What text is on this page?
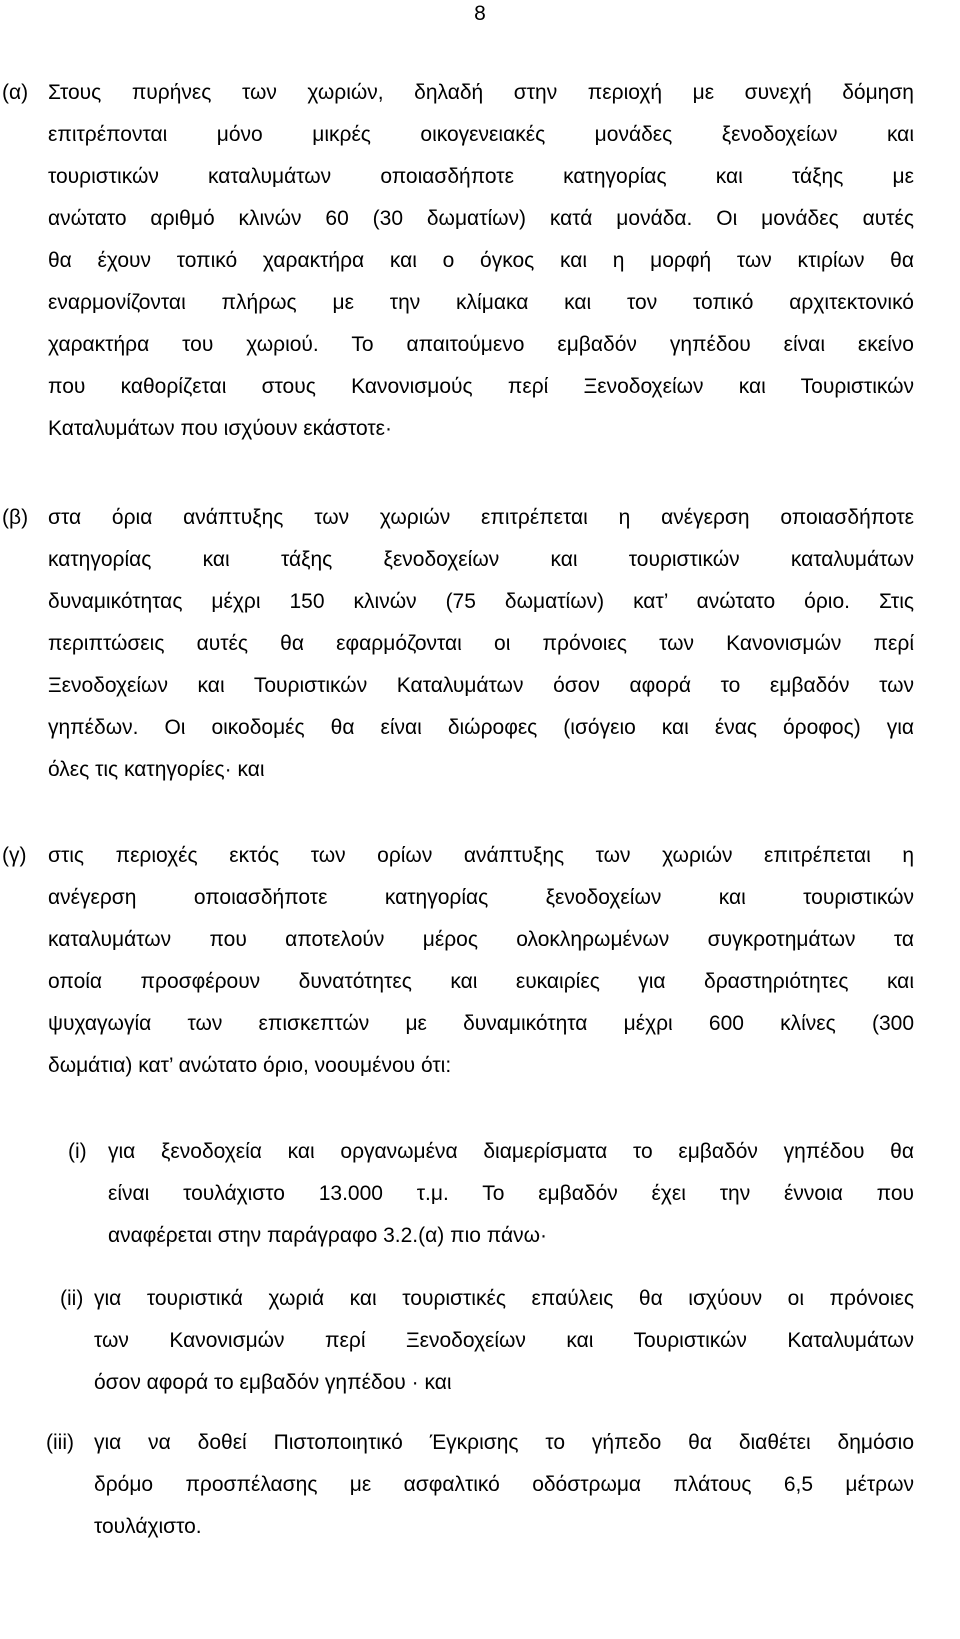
8
(α) Στους πυρήνες των χωριών, δηλαδή στην περιοχή με συνεχή δόμηση
επιτρέπονται μόνο μικρές οικογενειακές μονάδες ξενοδοχείων και
τουριστικών καταλυμάτων οποιασδήποτε κατηγορίας και τάξης με
ανώτατο αριθμό κλινών 60 (30 δωματίων) κατά μονάδα. Οι μονάδες αυτές
θα έχουν τοπικό χαρακτήρα και ο όγκος και η μορφή των κτιρίων θα
εναρμονίζονται πλήρως με την κλίμακα και τον τοπικό αρχιτεκτονικό
χαρακτήρα του χωριού. Το απαιτούμενο εμβαδόν γηπέδου είναι εκείνο
που καθορίζεται στους Κανονισμούς περί Ξενοδοχείων και Τουριστικών
Καταλυμάτων που ισχύουν εκάστοτε·
(β) στα όρια ανάπτυξης των χωριών επιτρέπεται η ανέγερση οποιασδήποτε
κατηγορίας και τάξης ξενοδοχείων και τουριστικών καταλυμάτων
δυναμικότητας μέχρι 150 κλινών (75 δωματίων) κατ’ ανώτατο όριο. Στις
περιπτώσεις αυτές θα εφαρμόζονται οι πρόνοιες των Κανονισμών περί
Ξενοδοχείων και Τουριστικών Καταλυμάτων όσον αφορά το εμβαδόν των
γηπέδων. Οι οικοδομές θα είναι διώροφες (ισόγειο και ένας όροφος) για
όλες τις κατηγορίες· και
(γ) στις περιοχές εκτός των ορίων ανάπτυξης των χωριών επιτρέπεται η
ανέγερση οποιασδήποτε κατηγορίας ξενοδοχείων και τουριστικών
καταλυμάτων που αποτελούν μέρος ολοκληρωμένων συγκροτημάτων τα
οποία προσφέρουν δυνατότητες και ευκαιρίες για δραστηριότητες και
ψυχαγωγία των επισκεπτών με δυναμικότητα μέχρι 600 κλίνες (300
δωμάτια) κατ’ ανώτατο όριο, νοουμένου ότι:
(i) για ξενοδοχεία και οργανωμένα διαμερίσματα το εμβαδόν γηπέδου θα
είναι τουλάχιστο 13.000 τ.μ. Το εμβαδόν έχει την έννοια που
αναφέρεται στην παράγραφο 3.2.(α) πιο πάνω·
(ii) για τουριστικά χωριά και τουριστικές επαύλεις θα ισχύουν οι πρόνοιες
των Κανονισμών περί Ξενοδοχείων και Τουριστικών Καταλυμάτων
όσον αφορά το εμβαδόν γηπέδου · και
(iii) για να δοθεί Πιστοποιητικό Έγκρισης το γήπεδο θα διαθέτει δημόσιο
δρόμο προσπέλασης με ασφαλτικό οδόστρωμα πλάτους 6,5 μέτρων
τουλάχιστο.
